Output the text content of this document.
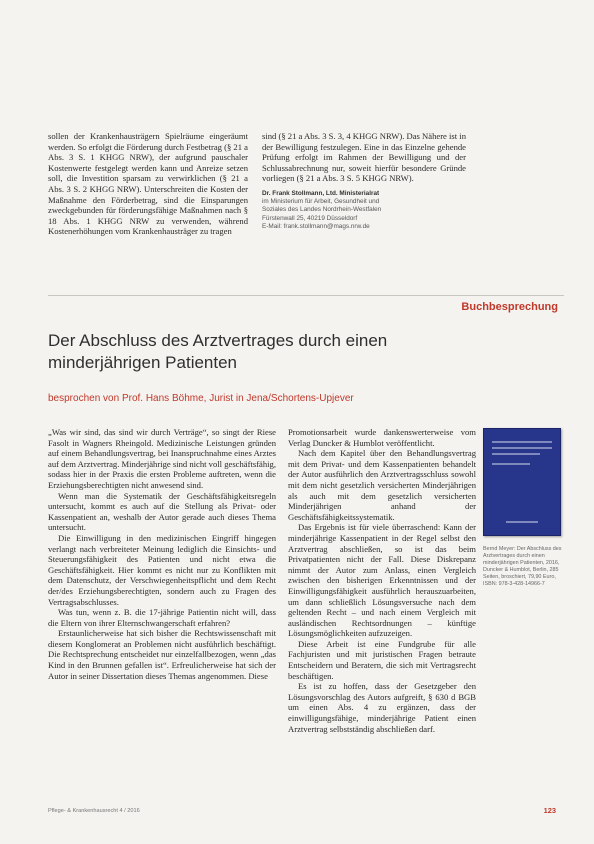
sollen der Krankenhausträgern Spielräume eingeräumt werden. So erfolgt die Förderung durch Festbetrag (§ 21 a Abs. 3 S. 1 KHGG NRW), der aufgrund pauschaler Kostenwerte festgelegt werden kann und Anreize setzen soll, die Investition sparsam zu verwirklichen (§ 21 a Abs. 3 S. 2 KHGG NRW). Unterschreiten die Kosten der Maßnahme den Förderbetrag, sind die Einsparungen zweckgebunden für förderungsfähige Maßnahmen nach § 18 Abs. 1 KHGG NRW zu verwenden, während Kostenerhöhungen vom Krankenhausträger zu tragen

sind (§ 21 a Abs. 3 S. 3, 4 KHGG NRW). Das Nähere ist in der Bewilligung festzulegen. Eine in das Einzelne gehende Prüfung erfolgt im Rahmen der Bewilligung und der Schlussabrechnung nur, soweit hierfür besondere Gründe vorliegen (§ 21 a Abs. 3 S. 5 KHGG NRW).

Dr. Frank Stollmann, Ltd. Ministerialrat
im Ministerium für Arbeit, Gesundheit und
Soziales des Landes Nordrhein-Westfalen
Fürstenwall 25, 40219 Düsseldorf
E-Mail: frank.stollmann@mags.nrw.de
Buchbesprechung
Der Abschluss des Arztvertrages durch einen minderjährigen Patienten
besprochen von Prof. Hans Böhme, Jurist in Jena/Schortens-Upjever

„Was wir sind, das sind wir durch Verträge“, so singt der Riese Fasolt in Wagners Rheingold. Medizinische Leistungen gründen auf einem Behandlungsvertrag, bei Inanspruchnahme eines Arztes auf dem Arztvertrag. Minderjährige sind nicht voll geschäftsfähig, sodass hier in der Praxis die ersten Probleme auftreten, wenn die Erziehungsberechtigten nicht anwesend sind.

Wenn man die Systematik der Geschäftsfähigkeitsregeln untersucht, kommt es auch auf die Stellung als Privat- oder Kassenpatient an, weshalb der Autor gerade auch dieses Thema untersucht.

Die Einwilligung in den medizinischen Eingriff hingegen verlangt nach verbreiteter Meinung lediglich die Einsichts- und Steuerungsfähigkeit des Patienten und nicht etwa die Geschäftsfähigkeit. Hier kommt es nicht nur zu Konflikten mit dem Datenschutz, der Verschwiegenheitspflicht und dem Recht der/des Erziehungsberechtigten, sondern auch zu Fragen des Vertragsabschlusses.

Was tun, wenn z. B. die 17-jährige Patientin nicht will, dass die Eltern von ihrer Elternschwangerschaft erfahren?

Erstaunlicherweise hat sich bisher die Rechtswissenschaft mit diesem Konglomerat an Problemen nicht ausführlich beschäftigt. Die Rechtsprechung entscheidet nur einzelfallbezogen, wenn „das Kind in den Brunnen gefallen ist“. Erfreulicherweise hat sich der Autor in seiner Dissertation dieses Themas angenommen. Diese

Promotionsarbeit wurde dankenswerterweise vom Verlag Duncker & Humblot veröffentlicht.

Nach dem Kapitel über den Behandlungsvertrag mit dem Privat- und dem Kassenpatienten behandelt der Autor ausführlich den Arztvertragsschluss sowohl mit dem nicht gesetzlich versicherten Minderjährigen als auch mit dem gesetzlich versicherten Minderjährigen anhand der Geschäftsfähigkeitssystematik.

Das Ergebnis ist für viele überraschend: Kann der minderjährige Kassenpatient in der Regel selbst den Arztvertrag abschließen, so ist das beim Privatpatienten nicht der Fall. Diese Diskrepanz nimmt der Autor zum Anlass, einen Vergleich zwischen den bisherigen Erkenntnissen und der Einwilligungsfähigkeit ausführlich herauszuarbeiten, um dann schließlich Lösungsversuche nach dem geltenden Recht – und nach einem Vergleich mit ausländischen Rechtsordnungen – künftige Lösungsmöglichkeiten aufzuzeigen.

Diese Arbeit ist eine Fundgrube für alle Fachjuristen und mit juristischen Fragen betraute Entscheidern und Beratern, die sich mit Vertragsrecht beschäftigen.

Es ist zu hoffen, dass der Gesetzgeber den Lösungsvorschlag des Autors aufgreift, § 630 d BGB um einen Abs. 4 zu ergänzen, dass der einwilligungsfähige, minderjährige Patient einen Arztvertrag selbstständig abschließen darf.

Bernd Meyer: Der Abschluss des Arztvertrages durch einen minderjährigen Patienten, 2016, Duncker & Humblot, Berlin, 285 Seiten, broschiert, 79,90 Euro, ISBN: 978-3-428-14966-7
Pflege- & Krankenhausrecht 4 / 2016	123
